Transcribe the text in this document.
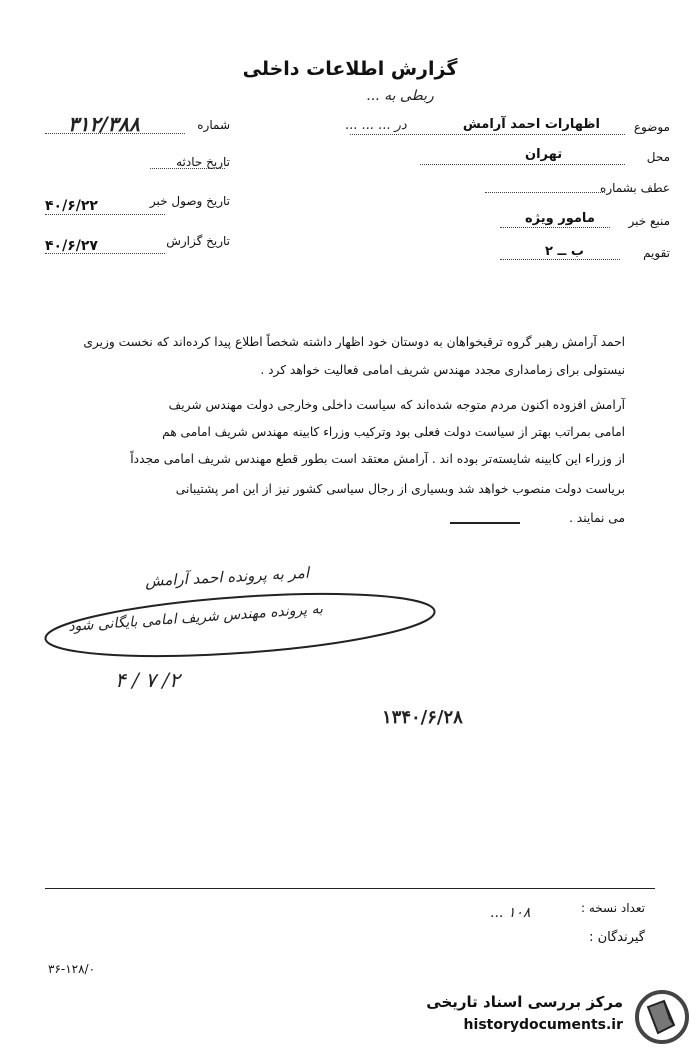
گزارش اطلاعات داخلی
ربطی به ...
شماره
۳۱۲/۳۸۸
تاریخ حادثه
تاریخ وصول خبر
۴۰/۶/۲۲
تاریخ گزارش
۴۰/۶/۲۷
موضوع
اظهارات احمد آرامش
در ... ... ...
محل
تهران
عطف بشماره
منبع خبر
مامور ویژه
تقویم
ب ــ ۲
احمد آرامش رهبر گروه ترقیخواهان به دوستان خود اظهار داشته شخصاً اطلاع پیدا کرده‌اند که نخست وزیری
نیستولی برای زمامداری مجدد مهندس شریف امامی فعالیت خواهد کرد .
آرامش افزوده اکنون مردم متوجه شده‌اند که سیاست داخلی وخارجی دولت مهندس شریف
امامی بمراتب بهتر از سیاست دولت فعلی بود وترکیب وزراء کابینه مهندس شریف امامی هم
از وزراء این کابینه شایسته‌تر بوده اند . آرامش معتقد است بطور قطع مهندس شریف امامی مجدداً
بریاست دولت منصوب خواهد شد وبسیاری از رجال سیاسی کشور نیز از این امر پشتیبانی
می نمایند .
امر به پرونده احمد آرامش
به پرونده مهندس شریف امامی بایگانی شود
۲/ ۷ / ۴
۱۳۴۰/۶/۲۸
تعداد نسخه :
۱۰۸ ...
گیرندگان :
۳۶-۱۲۸/۰
مرکز بررسی اسناد تاریخی
historydocuments.ir
